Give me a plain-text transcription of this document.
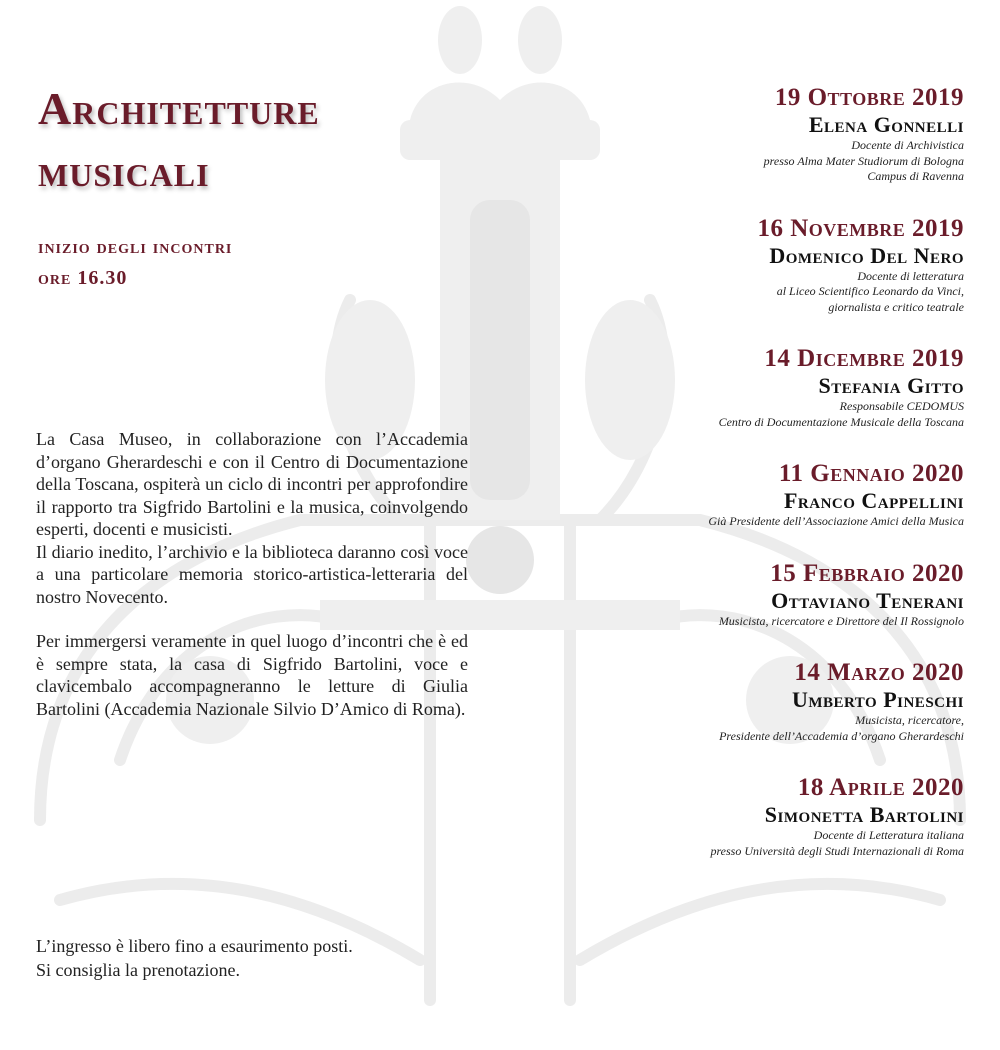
Architetture
musicali
inizio degli incontri
ore 16.30

La Casa Museo, in collaborazione con l’Accademia d’organo Gherardeschi e con il Centro di Documentazione della Toscana, ospiterà un ciclo di incontri per approfondire il rapporto tra Sigfrido Bartolini e la musica, coinvolgendo esperti, docenti e musicisti.

Il diario inedito, l’archivio e la biblioteca daranno così voce a una particolare memoria storico-artistica-letteraria del nostro Novecento.

Per immergersi veramente in quel luogo d’incontri che è ed è sempre stata, la casa di Sigfrido Bartolini, voce e clavicembalo accompagneranno le letture di Giulia Bartolini (Accademia Nazionale Silvio D’Amico di Roma).

L’ingresso è libero fino a esaurimento posti.
Si consiglia la prenotazione.
19 Ottobre 2019
Elena Gonnelli
Docente di Archivistica
presso Alma Mater Studiorum di Bologna
Campus di Ravenna
16 Novembre 2019
Domenico Del Nero
Docente di letteratura
al Liceo Scientifico Leonardo da Vinci,
giornalista e critico teatrale
14 Dicembre 2019
Stefania Gitto
Responsabile CEDOMUS
Centro di Documentazione Musicale della Toscana
11 Gennaio 2020
Franco Cappellini
Già Presidente dell’Associazione Amici della Musica
15 Febbraio 2020
Ottaviano Tenerani
Musicista, ricercatore e Direttore del Il Rossignolo
14 Marzo 2020
Umberto Pineschi
Musicista, ricercatore,
Presidente dell’Accademia d’organo Gherardeschi
18 Aprile 2020
Simonetta Bartolini
Docente di Letteratura italiana
presso Università degli Studi Internazionali di Roma
